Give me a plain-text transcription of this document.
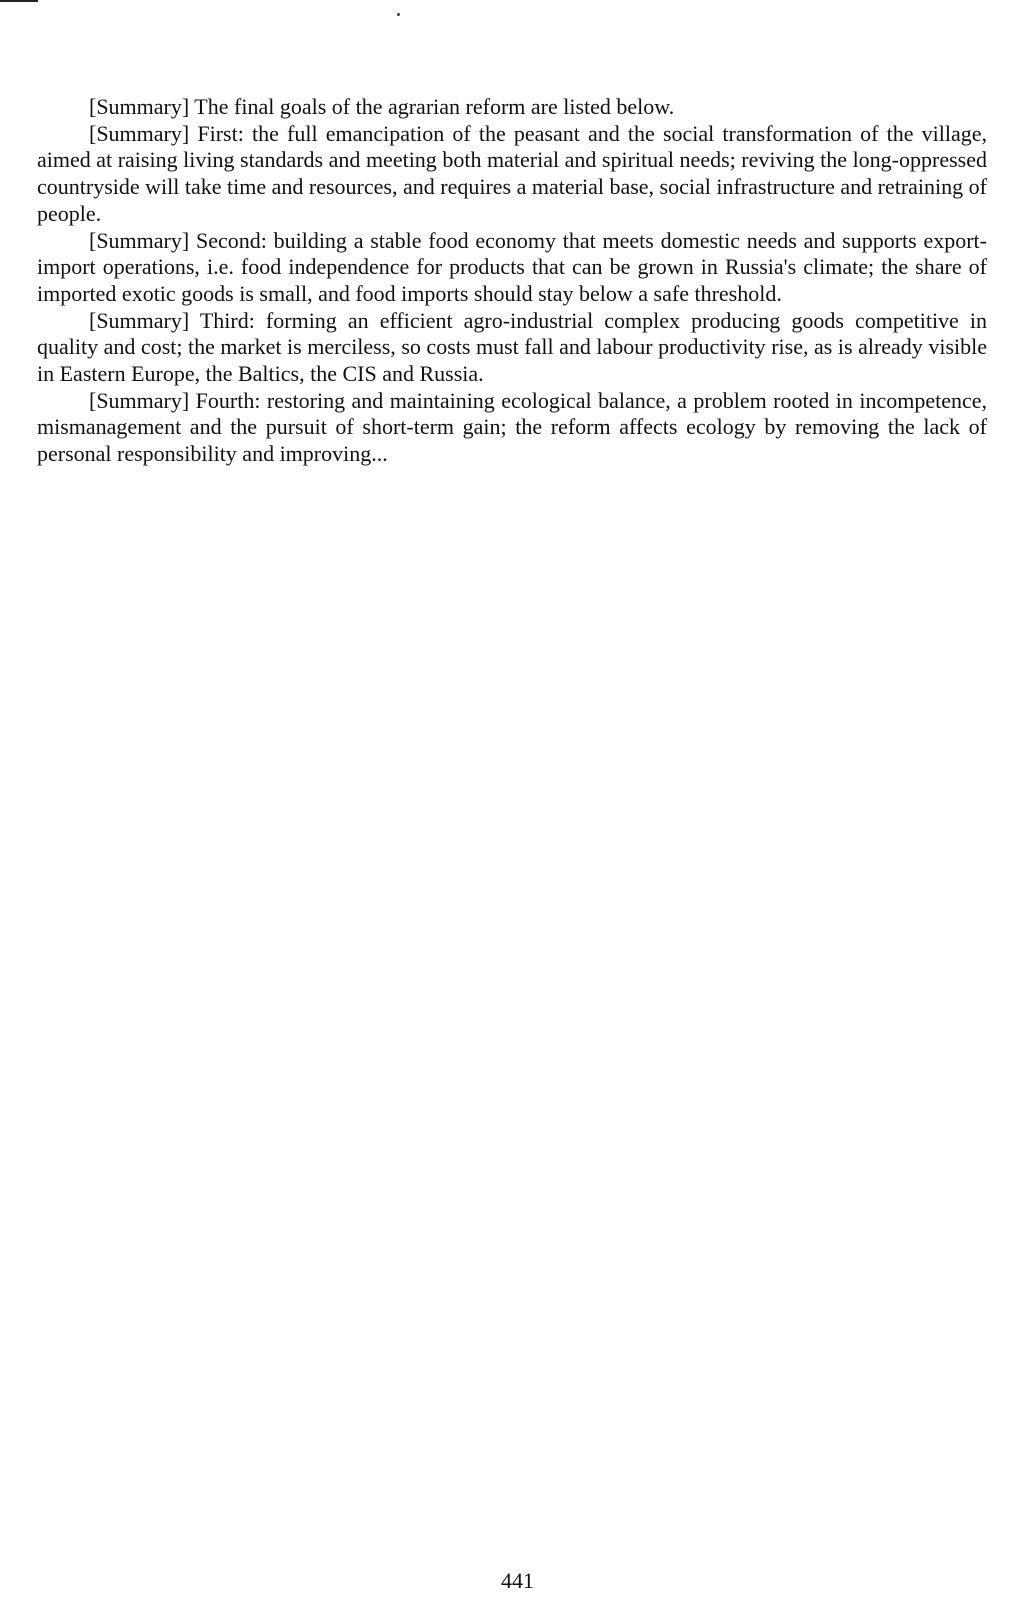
[Summary] The final goals of the agrarian reform are listed below.

[Summary] First: the full emancipation of the peasant and the social transformation of the village, aimed at raising living standards and meeting both material and spiritual needs; reviving the long-oppressed countryside will take time and resources, and requires a material base, social infrastructure and retraining of people.

[Summary] Second: building a stable food economy that meets domestic needs and supports export-import operations, i.e. food independence for products that can be grown in Russia's climate; the share of imported exotic goods is small, and food imports should stay below a safe threshold.

[Summary] Third: forming an efficient agro-industrial complex producing goods competitive in quality and cost; the market is merciless, so costs must fall and labour productivity rise, as is already visible in Eastern Europe, the Baltics, the CIS and Russia.

[Summary] Fourth: restoring and maintaining ecological balance, a problem rooted in incompetence, mismanagement and the pursuit of short-term gain; the reform affects ecology by removing the lack of personal responsibility and improving...

441
